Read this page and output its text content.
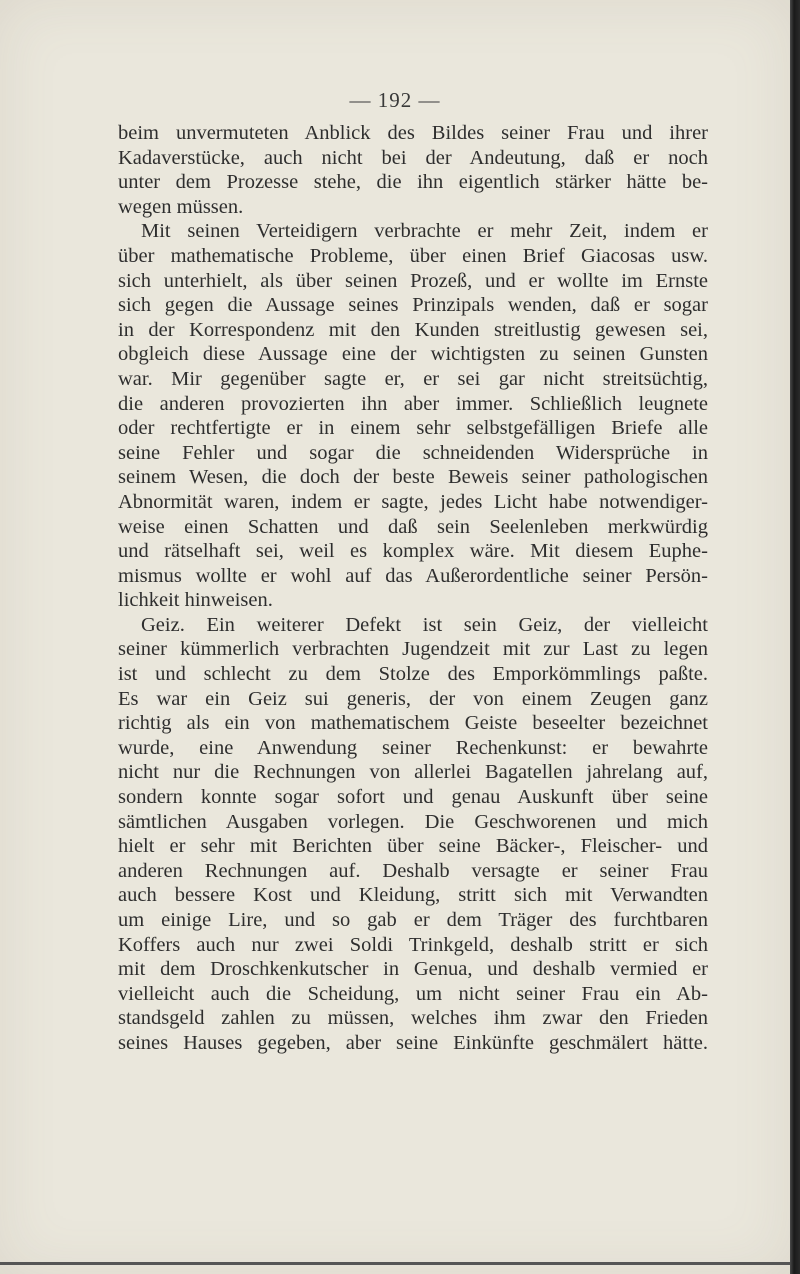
— 192 —
beim unvermuteten Anblick des Bildes seiner Frau und ihrer
Kadaverstücke, auch nicht bei der Andeutung, daß er noch
unter dem Prozesse stehe, die ihn eigentlich stärker hätte be-
wegen müssen.
Mit seinen Verteidigern verbrachte er mehr Zeit, indem er
über mathematische Probleme, über einen Brief Giacosas usw.
sich unterhielt, als über seinen Prozeß, und er wollte im Ernste
sich gegen die Aussage seines Prinzipals wenden, daß er sogar
in der Korrespondenz mit den Kunden streitlustig gewesen sei,
obgleich diese Aussage eine der wichtigsten zu seinen Gunsten
war. Mir gegenüber sagte er, er sei gar nicht streitsüchtig,
die anderen provozierten ihn aber immer. Schließlich leugnete
oder rechtfertigte er in einem sehr selbstgefälligen Briefe alle
seine Fehler und sogar die schneidenden Widersprüche in
seinem Wesen, die doch der beste Beweis seiner pathologischen
Abnormität waren, indem er sagte, jedes Licht habe notwendiger-
weise einen Schatten und daß sein Seelenleben merkwürdig
und rätselhaft sei, weil es komplex wäre. Mit diesem Euphe-
mismus wollte er wohl auf das Außerordentliche seiner Persön-
lichkeit hinweisen.
Geiz. Ein weiterer Defekt ist sein Geiz, der vielleicht
seiner kümmerlich verbrachten Jugendzeit mit zur Last zu legen
ist und schlecht zu dem Stolze des Emporkömmlings paßte.
Es war ein Geiz sui generis, der von einem Zeugen ganz
richtig als ein von mathematischem Geiste beseelter bezeichnet
wurde, eine Anwendung seiner Rechenkunst: er bewahrte
nicht nur die Rechnungen von allerlei Bagatellen jahrelang auf,
sondern konnte sogar sofort und genau Auskunft über seine
sämtlichen Ausgaben vorlegen. Die Geschworenen und mich
hielt er sehr mit Berichten über seine Bäcker-, Fleischer- und
anderen Rechnungen auf. Deshalb versagte er seiner Frau
auch bessere Kost und Kleidung, stritt sich mit Verwandten
um einige Lire, und so gab er dem Träger des furchtbaren
Koffers auch nur zwei Soldi Trinkgeld, deshalb stritt er sich
mit dem Droschkenkutscher in Genua, und deshalb vermied er
vielleicht auch die Scheidung, um nicht seiner Frau ein Ab-
standsgeld zahlen zu müssen, welches ihm zwar den Frieden
seines Hauses gegeben, aber seine Einkünfte geschmälert hätte.
